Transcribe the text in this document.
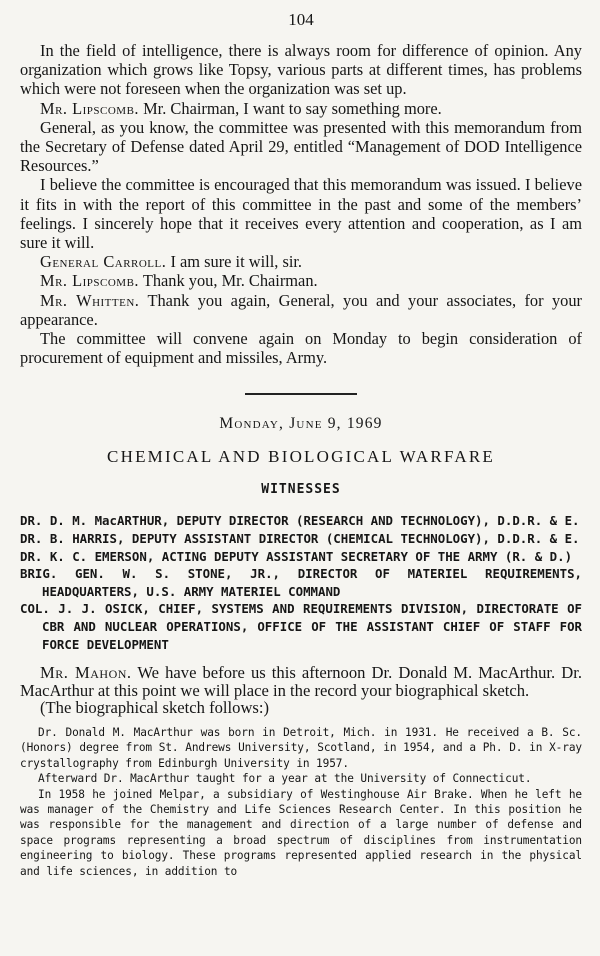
104

In the field of intelligence, there is always room for difference of opinion. Any organization which grows like Topsy, various parts at different times, has problems which were not foreseen when the organization was set up.

Mr. Lipscomb. Mr. Chairman, I want to say something more.

General, as you know, the committee was presented with this memorandum from the Secretary of Defense dated April 29, entitled “Management of DOD Intelligence Resources.”

I believe the committee is encouraged that this memorandum was issued. I believe it fits in with the report of this committee in the past and some of the members’ feelings. I sincerely hope that it receives every attention and cooperation, as I am sure it will.

General Carroll. I am sure it will, sir.

Mr. Lipscomb. Thank you, Mr. Chairman.

Mr. Whitten. Thank you again, General, you and your associates, for your appearance.

The committee will convene again on Monday to begin consideration of procurement of equipment and missiles, Army.

Monday, June 9, 1969
CHEMICAL AND BIOLOGICAL WARFARE
WITNESSES
DR. D. M. MacARTHUR, DEPUTY DIRECTOR (RESEARCH AND TECHNOLOGY), D.D.R. & E.
DR. B. HARRIS, DEPUTY ASSISTANT DIRECTOR (CHEMICAL TECHNOLOGY), D.D.R. & E.
DR. K. C. EMERSON, ACTING DEPUTY ASSISTANT SECRETARY OF THE ARMY (R. & D.)
BRIG. GEN. W. S. STONE, JR., DIRECTOR OF MATERIEL REQUIREMENTS, HEADQUARTERS, U.S. ARMY MATERIEL COMMAND
COL. J. J. OSICK, CHIEF, SYSTEMS AND REQUIREMENTS DIVISION, DIRECTORATE OF CBR AND NUCLEAR OPERATIONS, OFFICE OF THE ASSISTANT CHIEF OF STAFF FOR FORCE DEVELOPMENT

Mr. Mahon. We have before us this afternoon Dr. Donald M. MacArthur. Dr. MacArthur at this point we will place in the record your biographical sketch.

(The biographical sketch follows:)

Dr. Donald M. MacArthur was born in Detroit, Mich. in 1931. He received a B. Sc. (Honors) degree from St. Andrews University, Scotland, in 1954, and a Ph. D. in X-ray crystallography from Edinburgh University in 1957.

Afterward Dr. MacArthur taught for a year at the University of Connecticut.

In 1958 he joined Melpar, a subsidiary of Westinghouse Air Brake. When he left he was manager of the Chemistry and Life Sciences Research Center. In this position he was responsible for the management and direction of a large number of defense and space programs representing a broad spectrum of disciplines from instrumentation engineering to biology. These programs represented applied research in the physical and life sciences, in addition to
